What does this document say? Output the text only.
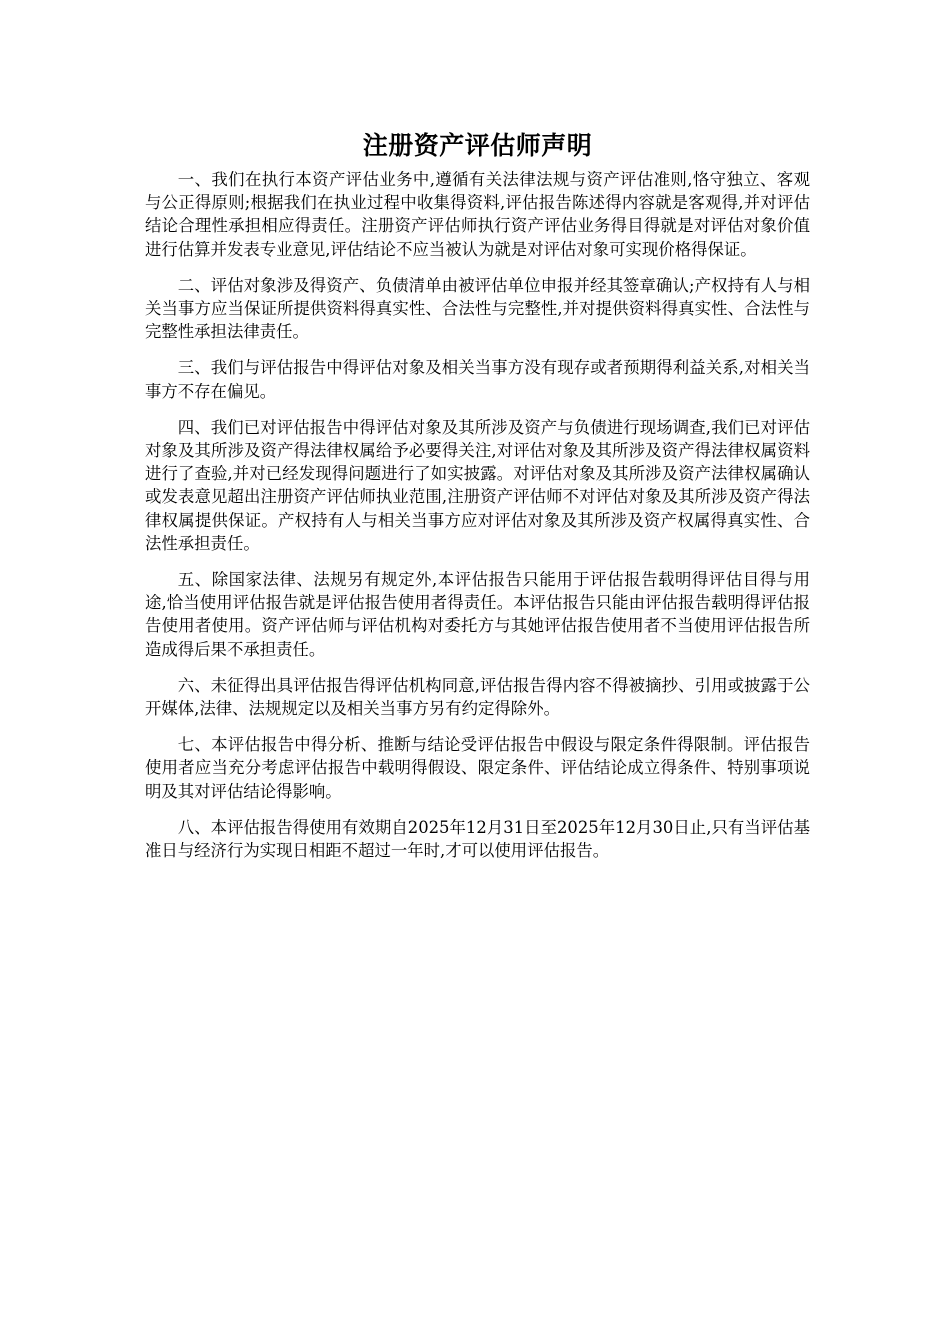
注册资产评估师声明

一、我们在执行本资产评估业务中,遵循有关法律法规与资产评估准则,恪守独立、客观与公正得原则;根据我们在执业过程中收集得资料,评估报告陈述得内容就是客观得,并对评估结论合理性承担相应得责任。注册资产评估师执行资产评估业务得目得就是对评估对象价值进行估算并发表专业意见,评估结论不应当被认为就是对评估对象可实现价格得保证。

二、评估对象涉及得资产、负债清单由被评估单位申报并经其签章确认;产权持有人与相关当事方应当保证所提供资料得真实性、合法性与完整性,并对提供资料得真实性、合法性与完整性承担法律责任。

三、我们与评估报告中得评估对象及相关当事方没有现存或者预期得利益关系,对相关当事方不存在偏见。

四、我们已对评估报告中得评估对象及其所涉及资产与负债进行现场调查,我们已对评估对象及其所涉及资产得法律权属给予必要得关注,对评估对象及其所涉及资产得法律权属资料进行了查验,并对已经发现得问题进行了如实披露。对评估对象及其所涉及资产法律权属确认或发表意见超出注册资产评估师执业范围,注册资产评估师不对评估对象及其所涉及资产得法律权属提供保证。产权持有人与相关当事方应对评估对象及其所涉及资产权属得真实性、合法性承担责任。

五、除国家法律、法规另有规定外,本评估报告只能用于评估报告载明得评估目得与用途,恰当使用评估报告就是评估报告使用者得责任。本评估报告只能由评估报告载明得评估报告使用者使用。资产评估师与评估机构对委托方与其她评估报告使用者不当使用评估报告所造成得后果不承担责任。

六、未征得出具评估报告得评估机构同意,评估报告得内容不得被摘抄、引用或披露于公开媒体,法律、法规规定以及相关当事方另有约定得除外。

七、本评估报告中得分析、推断与结论受评估报告中假设与限定条件得限制。评估报告使用者应当充分考虑评估报告中载明得假设、限定条件、评估结论成立得条件、特别事项说明及其对评估结论得影响。

八、本评估报告得使用有效期自2025年12月31日至2025年12月30日止,只有当评估基准日与经济行为实现日相距不超过一年时,才可以使用评估报告。
